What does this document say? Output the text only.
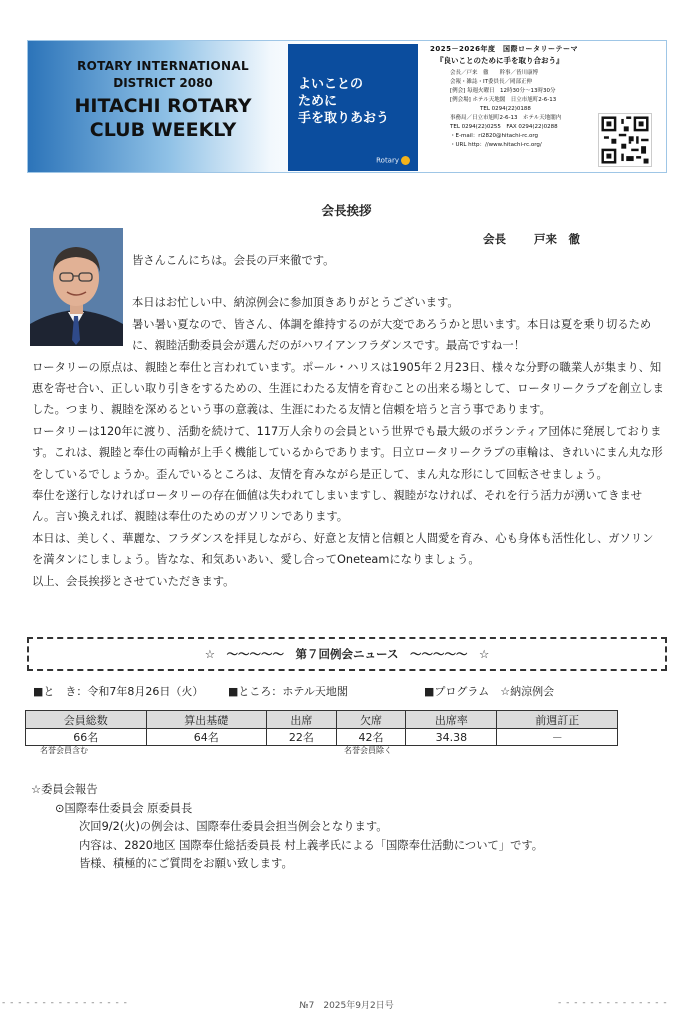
ROTARY INTERNATIONAL
DISTRICT 2080
HITACHI ROTARY
CLUB WEEKLY
よいことの
ために
手を取りあおう
Rotary
2025－2026年度　国際ロータリーテーマ
『良いことのために手を取り合おう』
会長／戸来　徹　　幹事／皆川康博
会報・雑誌・IT委員長／岡部正伸
[例会] 毎週火曜日　12時30分～13時30分
[例会場] ホテル天地閣　日立市旭町2-6-13
TEL 0294(22)0188
事務局／日立市旭町2-6-13　ホテル天地閣内
TEL 0294(22)0255　FAX 0294(22)0288
・E-mail：ri2820@hitachi-rc.org
・URL http：//www.hitachi-rc.org/
会長挨拶
会長 戸来　徹

皆さんこんにちは。会長の戸来徹です。

本日はお忙しい中、納涼例会に参加頂きありがとうございます。

暑い暑い夏なので、皆さん、体調を維持するのが大変であろうかと思います。本日は夏を乗り切るために、親睦活動委員会が選んだのがハワイアンフラダンスです。最高ですね一！

ロータリーの原点は、親睦と奉仕と言われています。ポール・ハリスは1905年２月23日、様々な分野の職業人が集まり、知恵を寄せ合い、正しい取り引きをするための、生涯にわたる友情を育むことの出来る場として、ロータリークラブを創立しました。つまり、親睦を深めるという事の意義は、生涯にわたる友情と信頼を培うと言う事であります。

ロータリーは120年に渡り、活動を続けて、117万人余りの会員という世界でも最大級のボランティア団体に発展しております。これは、親睦と奉仕の両輪が上手く機能しているからであります。日立ロータリークラブの車輪は、きれいにまん丸な形をしているでしょうか。歪んでいるところは、友情を育みながら是正して、まん丸な形にして回転させましょう。

奉仕を遂行しなければロータリーの存在価値は失われてしまいますし、親睦がなければ、それを行う活力が湧いてきません。言い換えれば、親睦は奉仕のためのガソリンであります。

本日は、美しく、華麗な、フラダンスを拝見しながら、好意と友情と信頼と人間愛を育み、心も身体も活性化し、ガソリンを満タンにしましょう。皆なな、和気あいあい、愛し合ってOneteamになりましょう。

以上、会長挨拶とさせていただきます。

☆　～～～～～　第７回例会ニュース　～～～～～　☆
■と　き：令和7年8月26日（火） ■ところ：ホテル天地閣	■プログラム　☆納涼例会
会員総数	算出基礎	出席	欠席	出席率	前週訂正
66名	64名	22名	42名	34.38	－
名誉会員含む	名誉会員除く
☆委員会報告
⊙国際奉仕委員会 原委員長
次回9/2(火)の例会は、国際奉仕委員会担当例会となります。
内容は、2820地区 国際奉仕総括委員長 村上義孝氏による「国際奉仕活動について」です。
皆様、積極的にご質問をお願い致します。
- - - - - - - - - - - - - - - -	№7　2025年9月2日号	- - - - - - - - - - - - - -
